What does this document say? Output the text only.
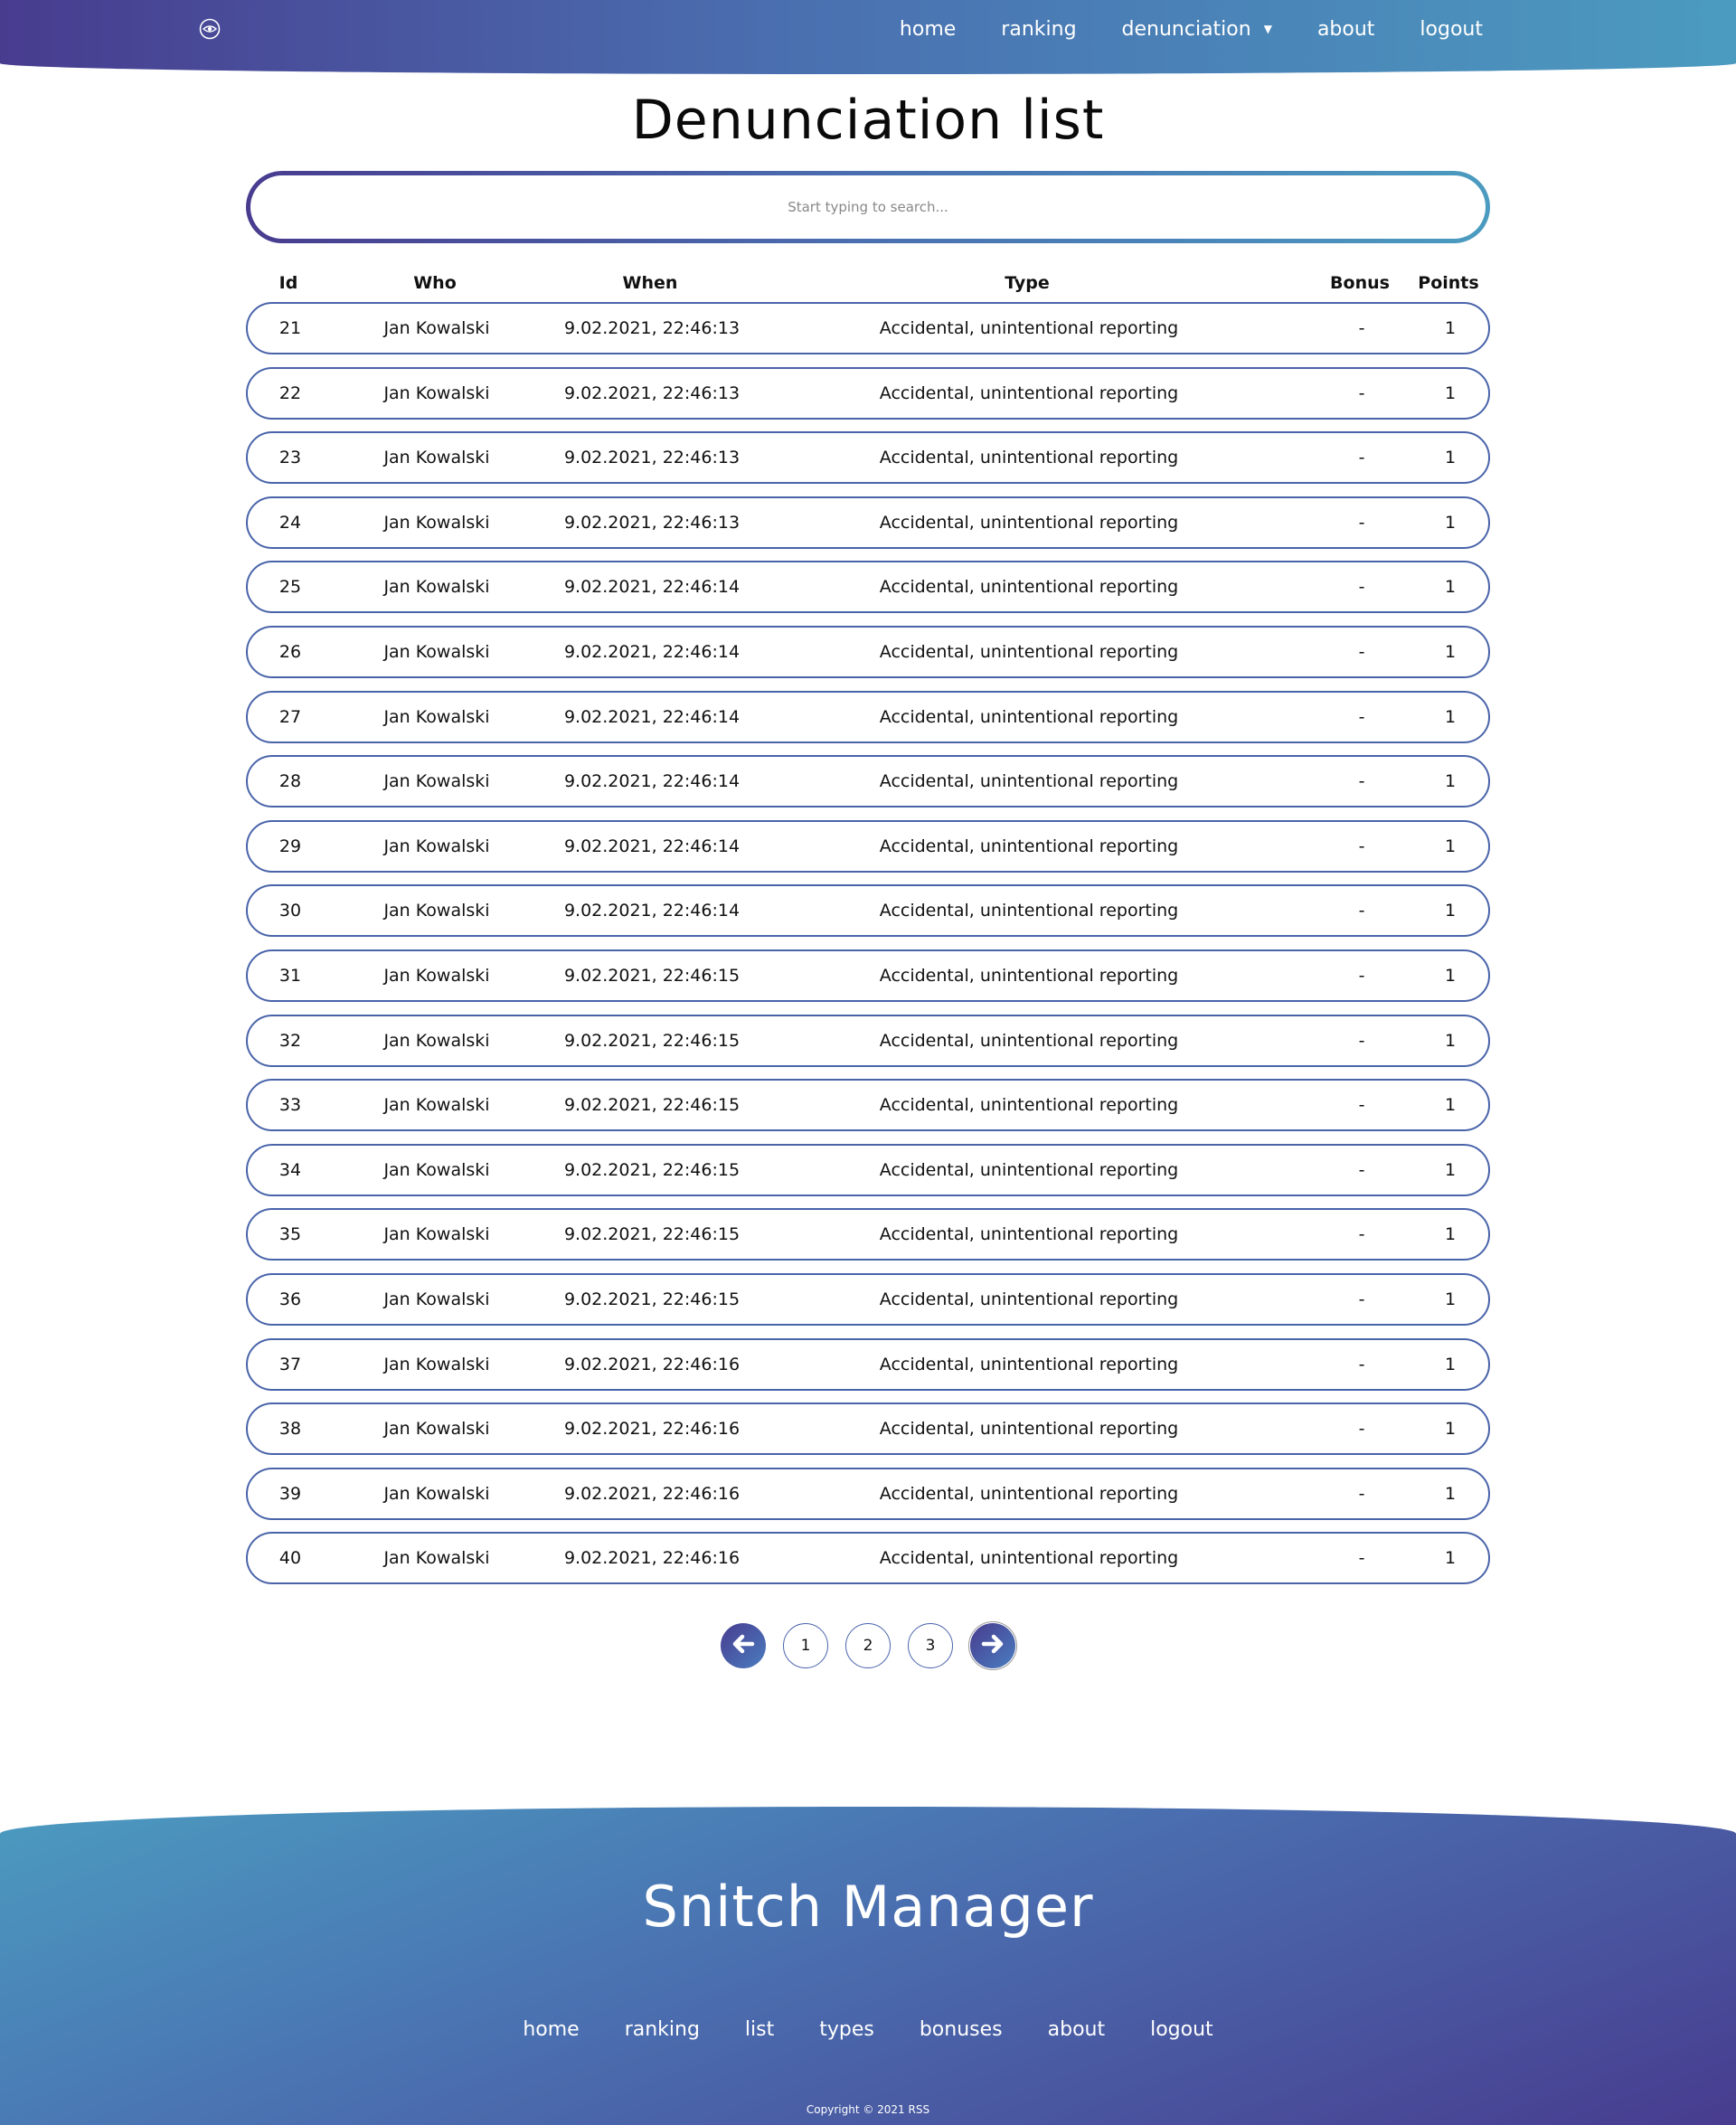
home ranking denunciation ▼ about logout
Denunciation list
Start typing to search...
Id	Who	When	Type	Bonus	Points
21	Jan Kowalski	9.02.2021, 22:46:13	Accidental, unintentional reporting	-	1
22	Jan Kowalski	9.02.2021, 22:46:13	Accidental, unintentional reporting	-	1
23	Jan Kowalski	9.02.2021, 22:46:13	Accidental, unintentional reporting	-	1
24	Jan Kowalski	9.02.2021, 22:46:13	Accidental, unintentional reporting	-	1
25	Jan Kowalski	9.02.2021, 22:46:14	Accidental, unintentional reporting	-	1
26	Jan Kowalski	9.02.2021, 22:46:14	Accidental, unintentional reporting	-	1
27	Jan Kowalski	9.02.2021, 22:46:14	Accidental, unintentional reporting	-	1
28	Jan Kowalski	9.02.2021, 22:46:14	Accidental, unintentional reporting	-	1
29	Jan Kowalski	9.02.2021, 22:46:14	Accidental, unintentional reporting	-	1
30	Jan Kowalski	9.02.2021, 22:46:14	Accidental, unintentional reporting	-	1
31	Jan Kowalski	9.02.2021, 22:46:15	Accidental, unintentional reporting	-	1
32	Jan Kowalski	9.02.2021, 22:46:15	Accidental, unintentional reporting	-	1
33	Jan Kowalski	9.02.2021, 22:46:15	Accidental, unintentional reporting	-	1
34	Jan Kowalski	9.02.2021, 22:46:15	Accidental, unintentional reporting	-	1
35	Jan Kowalski	9.02.2021, 22:46:15	Accidental, unintentional reporting	-	1
36	Jan Kowalski	9.02.2021, 22:46:15	Accidental, unintentional reporting	-	1
37	Jan Kowalski	9.02.2021, 22:46:16	Accidental, unintentional reporting	-	1
38	Jan Kowalski	9.02.2021, 22:46:16	Accidental, unintentional reporting	-	1
39	Jan Kowalski	9.02.2021, 22:46:16	Accidental, unintentional reporting	-	1
40	Jan Kowalski	9.02.2021, 22:46:16	Accidental, unintentional reporting	-	1
1	2	3
Snitch Manager
home ranking list types bonuses about logout
Copyright © 2021 RSS
